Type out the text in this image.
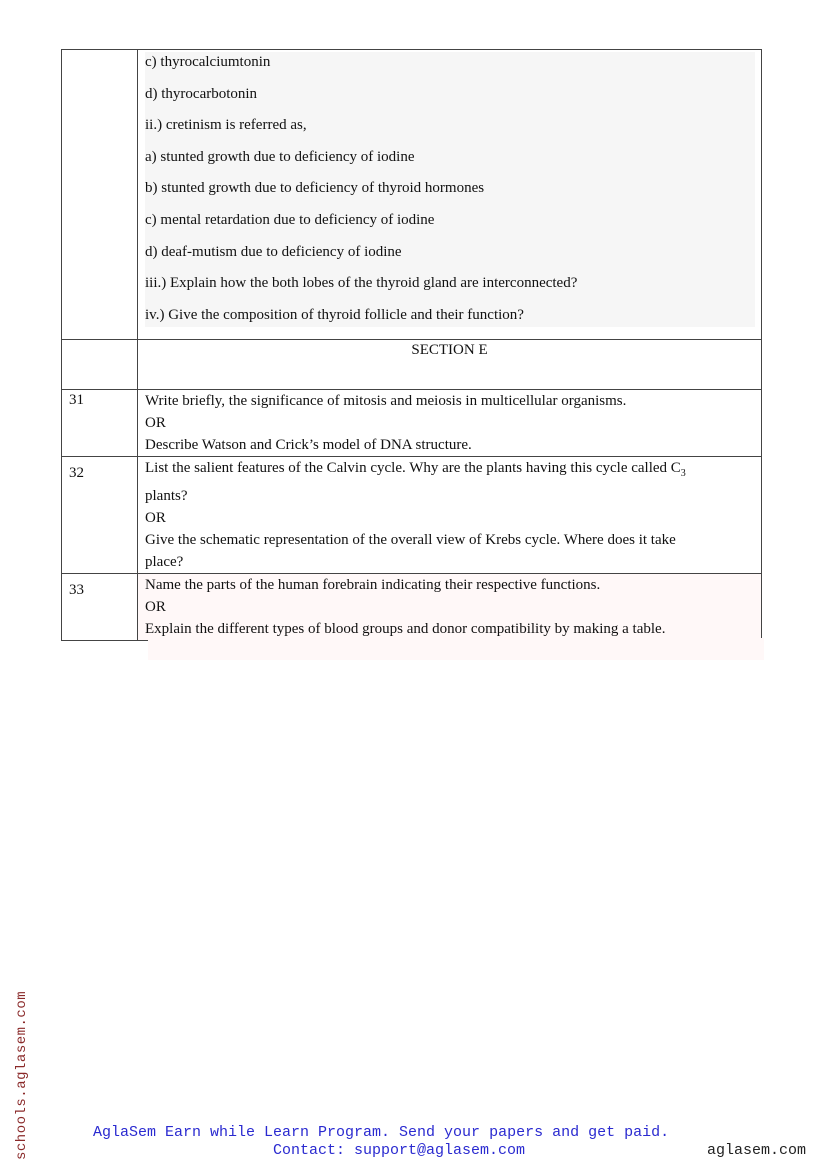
c) thyrocalciumtonin

d) thyrocarbotonin

ii.) cretinism is referred as,

a) stunted growth due to deficiency of iodine

b) stunted growth due to deficiency of thyroid hormones

c) mental retardation due to deficiency of iodine

d) deaf-mutism due to deficiency of iodine

iii.) Explain how the both lobes of the thyroid gland are interconnected?

iv.) Give the composition of thyroid follicle and their function?

	SECTION E
31	Write briefly, the significance of mitosis and meiosis in multicellular organisms.
OR
Describe Watson and Crick’s model of DNA structure.

32	List the salient features of the Calvin cycle. Why are the plants having this cycle called $C_3$
plants?
OR
Give the schematic representation of the overall view of Krebs cycle. Where does it take
place?

33	Name the parts of the human forebrain indicating their respective functions.
OR
Explain the different types of blood groups and donor compatibility by making a table.
schools.aglasem.com	AglaSem Earn while Learn Program. Send your papers and get paid.
Contact: support@aglasem.com	aglasem.com
